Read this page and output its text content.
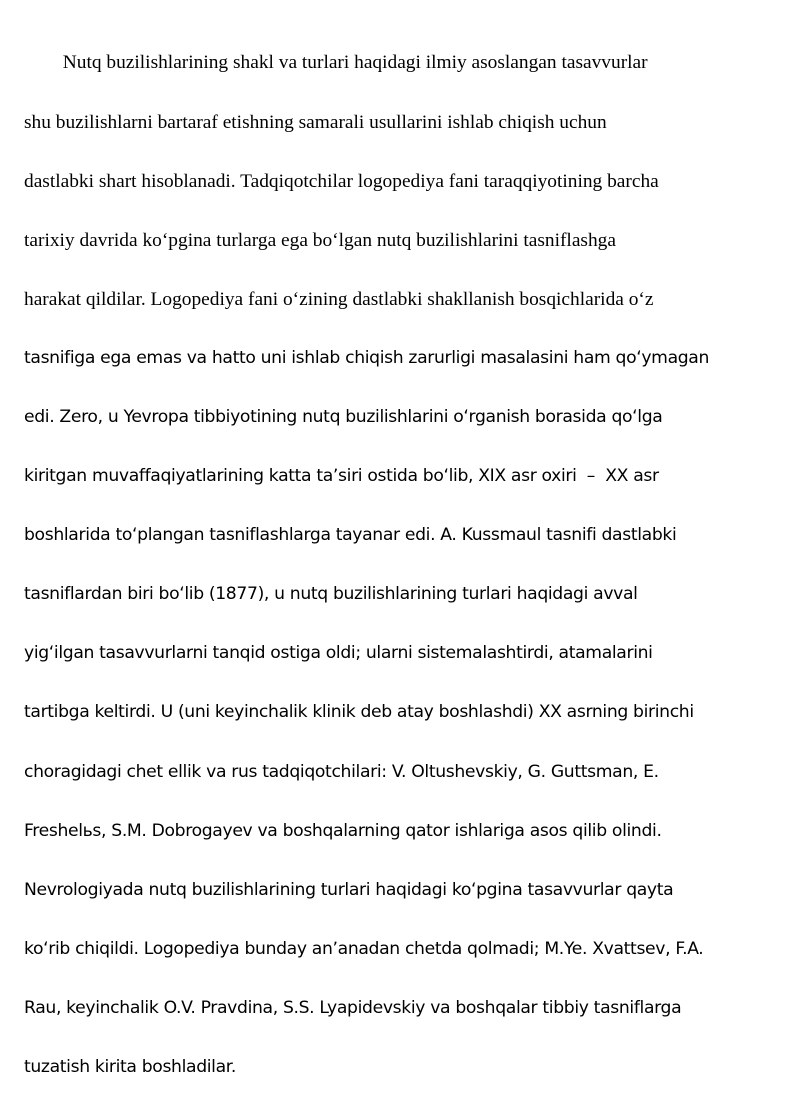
Nutq buzilishlarining shakl va turlari haqidagi ilmiy asoslangan tasavvurlar

shu buzilishlarni bartaraf etishning samarali usullarini ishlab chiqish uchun

dastlabki shart hisoblanadi. Tadqiqotchilar logopediya fani taraqqiyotining barcha

tarixiy davrida koʻpgina turlarga ega boʻlgan nutq buzilishlarini tasniflashga

harakat qildilar. Logopediya fani oʻzining dastlabki shakllanish bosqichlarida oʻz

tasnifiga ega emas va hatto uni ishlab chiqish zarurligi masalasini ham qoʻymagan

edi. Zero, u Yevropa tibbiyotining nutq buzilishlarini oʻrganish borasida qoʻlga

kiritgan muvaffaqiyatlarining katta taʼsiri ostida boʻlib, XIX asr oxiri  –  XX asr

boshlarida toʻplangan tasniflashlarga tayanar edi. A. Kussmaul tasnifi dastlabki

tasniflardan biri boʻlib (1877), u nutq buzilishlarining turlari haqidagi avval

yigʻilgan tasavvurlarni tanqid ostiga oldi; ularni sistemalashtirdi, atamalarini

tartibga keltirdi. U (uni keyinchalik klinik deb atay boshlashdi) XX asrning birinchi

choragidagi chet ellik va rus tadqiqotchilari: V. Oltushevskiy, G. Guttsman, E.

Freshelьs, S.M. Dobrogayev va boshqalarning qator ishlariga asos qilib olindi.

Nevrologiyada nutq buzilishlarining turlari haqidagi koʻpgina tasavvurlar qayta

koʻrib chiqildi. Logopediya bunday anʼanadan chetda qolmadi; M.Ye. Xvattsev, F.A.

Rau, keyinchalik O.V. Pravdina, S.S. Lyapidevskiy va boshqalar tibbiy tasniflarga

tuzatish kirita boshladilar.
